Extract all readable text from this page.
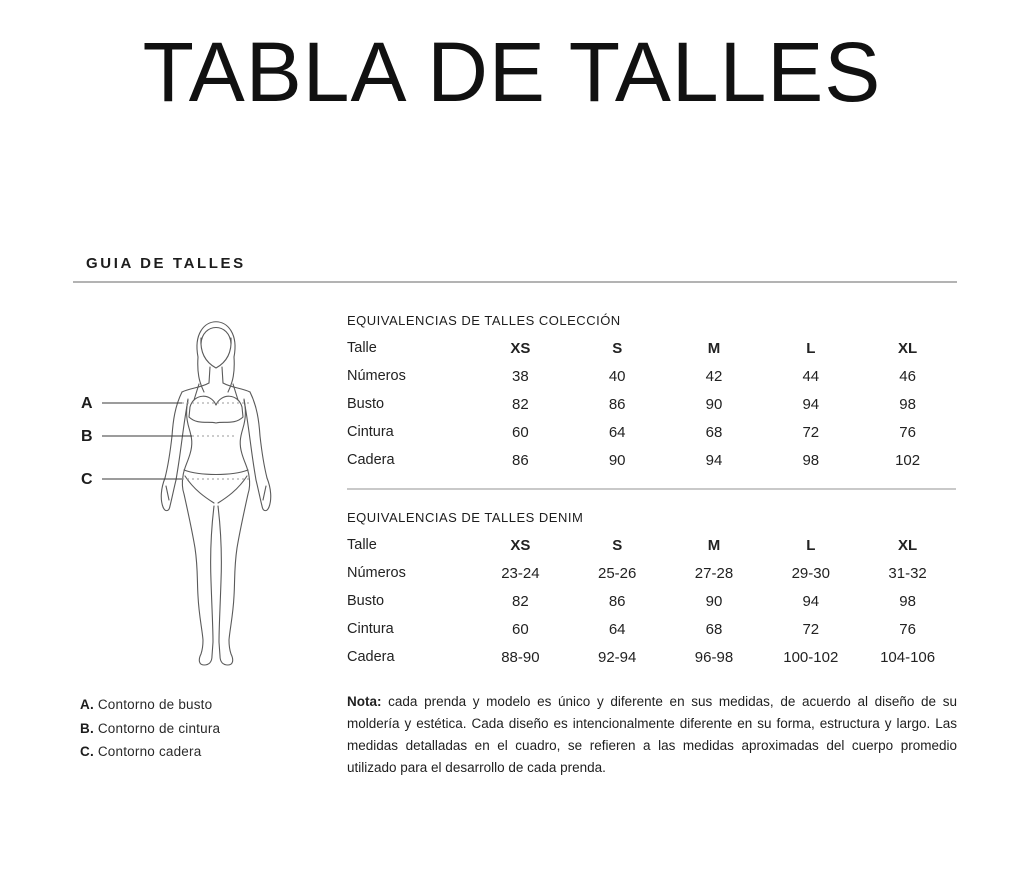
TABLA DE TALLES
GUIA DE TALLES
A
B
C
EQUIVALENCIAS DE TALLES COLECCIÓN
Talle	XS	S	M	L	XL
Números	38	40	42	44	46
Busto	82	86	90	94	98
Cintura	60	64	68	72	76
Cadera	86	90	94	98	102
EQUIVALENCIAS DE TALLES DENIM
Talle	XS	S	M	L	XL
Números	23-24	25-26	27-28	29-30	31-32
Busto	82	86	90	94	98
Cintura	60	64	68	72	76
Cadera	88-90	92-94	96-98	100-102	104-106
A. Contorno de busto
B. Contorno de cintura
C. Contorno cadera

Nota: cada prenda y modelo es único y diferente en sus medidas, de acuerdo al diseño de su moldería y estética. Cada diseño es intencionalmente diferente en su forma, estructura y largo. Las medidas detalladas en el cuadro, se refieren a las medidas aproximadas del cuerpo promedio utilizado para el desarrollo de cada prenda.
